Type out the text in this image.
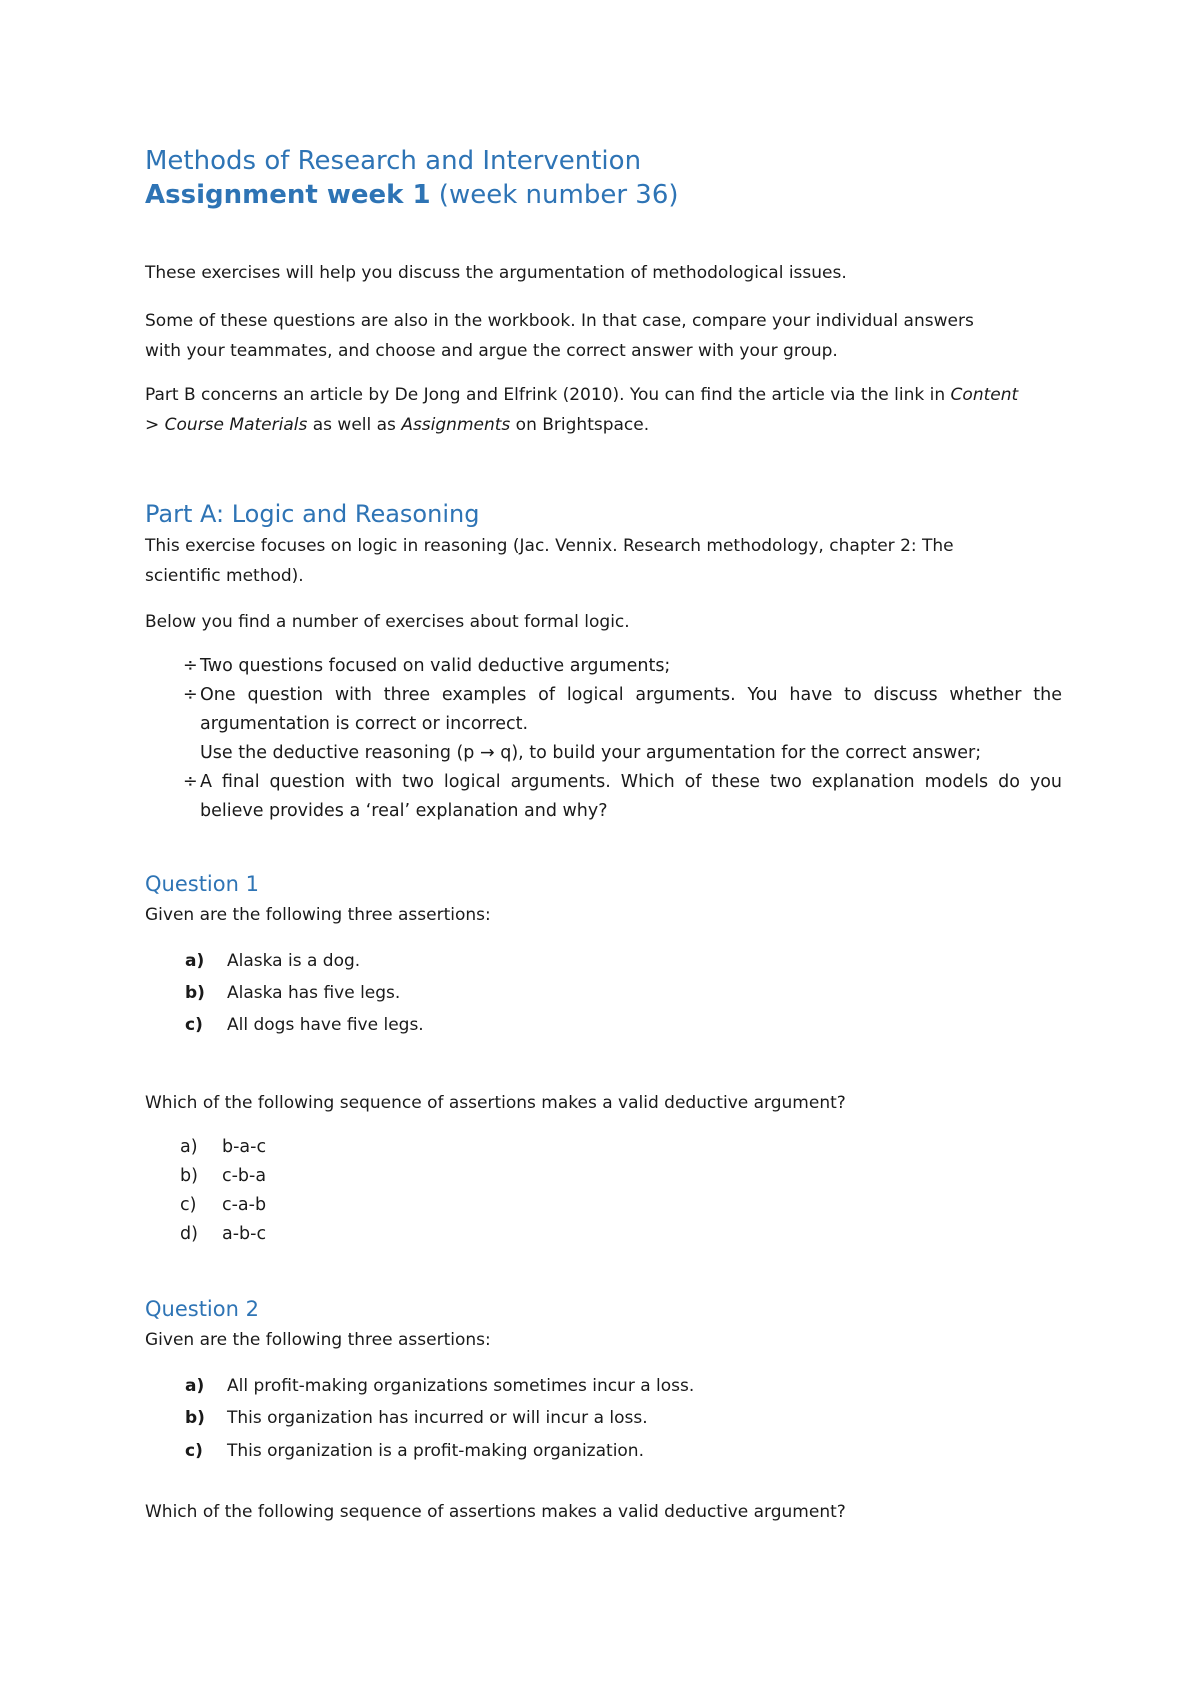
Methods of Research and Intervention
Assignment week 1 (week number 36)
These exercises will help you discuss the argumentation of methodological issues.
Some of these questions are also in the workbook. In that case, compare your individual answers
with your teammates, and choose and argue the correct answer with your group.
Part B concerns an article by De Jong and Elfrink (2010). You can find the article via the link in Content
> Course Materials as well as Assignments on Brightspace.
Part A: Logic and Reasoning
This exercise focuses on logic in reasoning (Jac. Vennix. Research methodology, chapter 2: The
scientific method).
Below you find a number of exercises about formal logic.
÷ Two questions focused on valid deductive arguments;
÷ One question with three examples of logical arguments. You have to discuss whether the
argumentation is correct or incorrect.
Use the deductive reasoning (p → q), to build your argumentation for the correct answer;
÷ A final question with two logical arguments. Which of these two explanation models do you
believe provides a ‘real’ explanation and why?
Question 1
Given are the following three assertions:
a) Alaska is a dog.
b) Alaska has five legs.
c) All dogs have five legs.
Which of the following sequence of assertions makes a valid deductive argument?
a) b-a-c
b) c-b-a
c) c-a-b
d) a-b-c
Question 2
Given are the following three assertions:
a) All profit-making organizations sometimes incur a loss.
b) This organization has incurred or will incur a loss.
c) This organization is a profit-making organization.
Which of the following sequence of assertions makes a valid deductive argument?
